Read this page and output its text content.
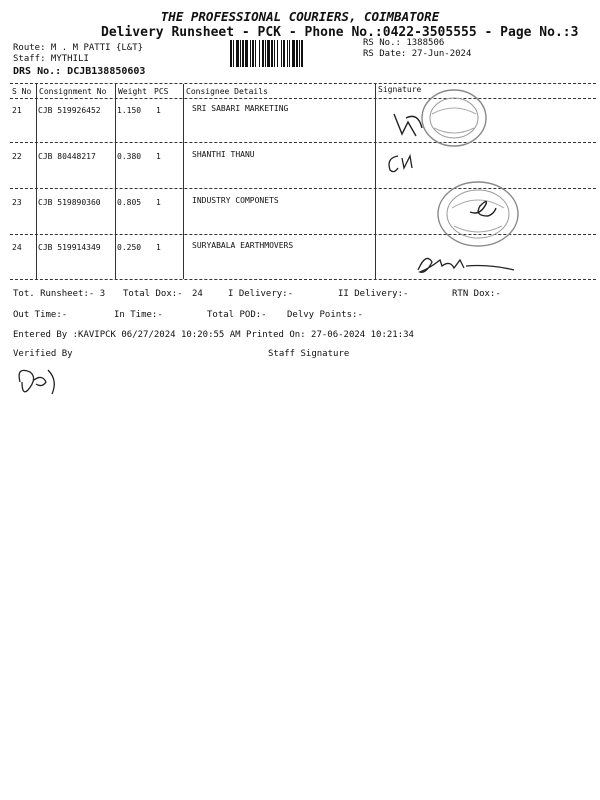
THE PROFESSIONAL COURIERS, COIMBATORE
Delivery Runsheet - PCK - Phone No.:0422-3505555 - Page No.:3
Route: M . M PATTI {L&T}
Staff: MYTHILI
DRS No.: DCJB138850603
RS No.: 1388506
RS Date: 27-Jun-2024
S No Consignment No Weight PCS Consignee Details	Signature
21 CJB 519926452 1.150 1	SRI SABARI MARKETING
22 CJB 80448217	0.380 1	SHANTHI THANU
23 CJB 519890360 0.805 1	INDUSTRY COMPONETS
24 CJB 519914349 0.250 1	SURYABALA EARTHMOVERS
Tot. Runsheet:- 3 Total Dox:- 24	I Delivery:-	II Delivery:-	RTN Dox:-
Out Time:-	In Time:-	Total POD:- Delvy Points:-
Entered By :KAVIPCK 06/27/2024 10:20:55 AM Printed On: 27-06-2024 10:21:34
Verified By	Staff Signature
